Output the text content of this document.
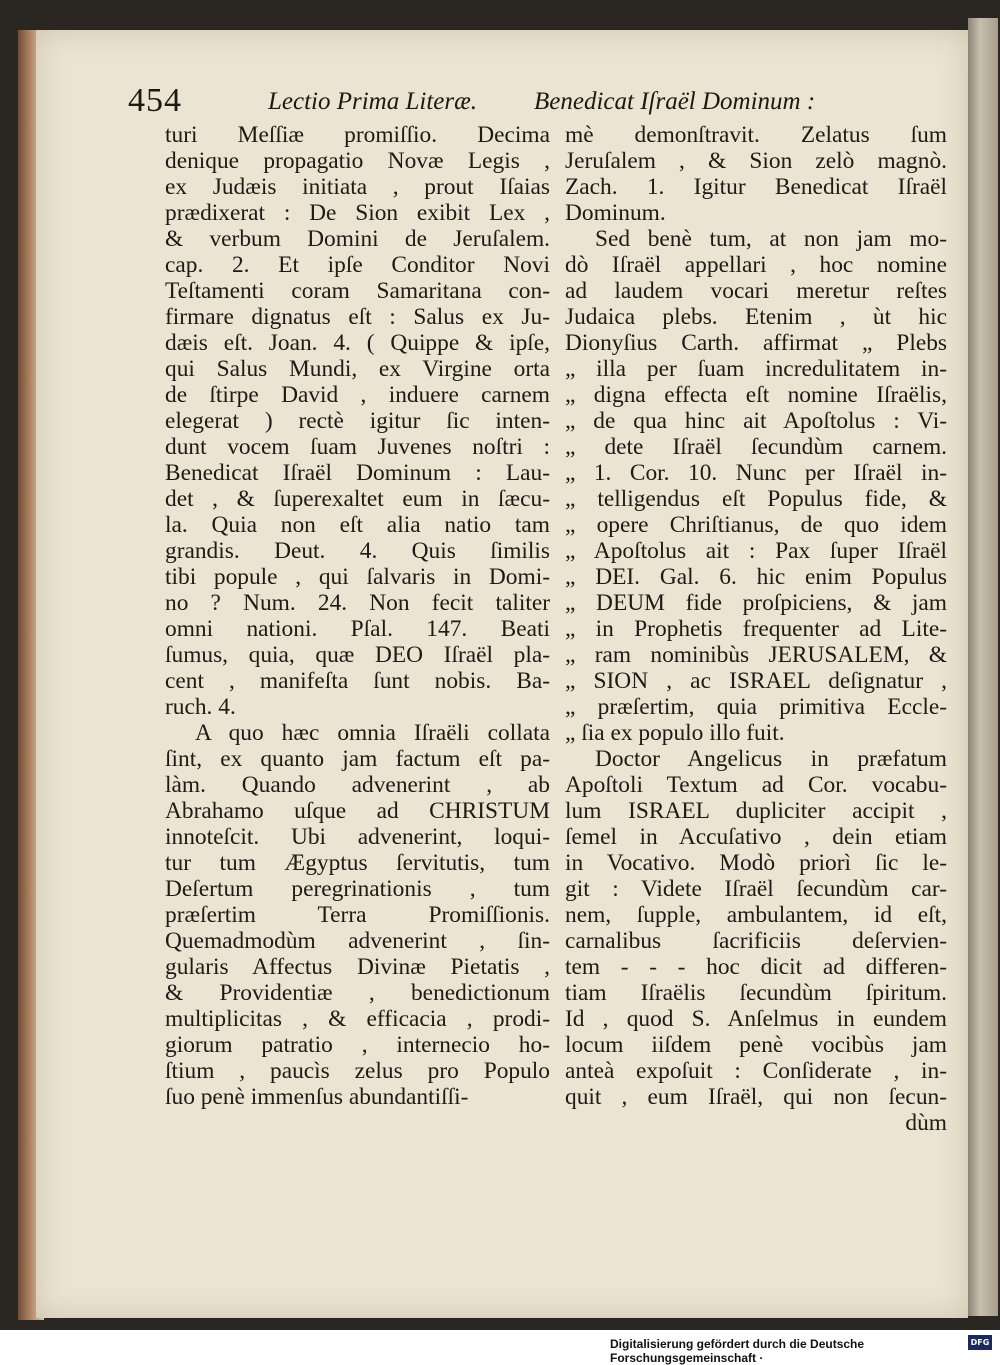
454	Lectio Prima Literæ. Benedicat Iſraël Dominum :
turi Meſſiæ promiſſio. Decima
denique propagatio Novæ Legis ,
ex Judæis initiata , prout Iſaias
prædixerat : De Sion exibit Lex ,
& verbum Domini de Jeruſalem.
cap. 2. Et ipſe Conditor Novi
Teſtamenti coram Samaritana con-
firmare dignatus eſt : Salus ex Ju-
dæis eſt. Joan. 4. ( Quippe & ipſe,
qui Salus Mundi, ex Virgine orta
de ſtirpe David , induere carnem
elegerat ) rectè igitur ſic inten-
dunt vocem ſuam Juvenes noſtri :
Benedicat Iſraël Dominum : Lau-
det , & ſuperexaltet eum in ſæcu-
la. Quia non eſt alia natio tam
grandis. Deut. 4. Quis ſimilis
tibi popule , qui ſalvaris in Domi-
no ? Num. 24. Non fecit taliter
omni nationi. Pſal. 147. Beati
ſumus, quia, quæ DEO Iſraël pla-
cent , manifeſta ſunt nobis. Ba-
ruch. 4.
A quo hæc omnia Iſraëli collata
ſint, ex quanto jam factum eſt pa-
làm. Quando advenerint , ab
Abrahamo uſque ad CHRISTUM
innoteſcit. Ubi advenerint, loqui-
tur tum Ægyptus ſervitutis, tum
Deſertum peregrinationis , tum
præſertim Terra Promiſſionis.
Quemadmodùm advenerint , ſin-
gularis Affectus Divinæ Pietatis ,
& Providentiæ , benedictionum
multiplicitas , & efficacia , prodi-
giorum patratio , internecio ho-
ſtium , paucìs zelus pro Populo
ſuo penè immenſus abundantiſſi-
mè demonſtravit. Zelatus ſum
Jeruſalem , & Sion zelò magnò.
Zach. 1. Igitur Benedicat Iſraël
Dominum.
Sed benè tum, at non jam mo-
dò Iſraël appellari , hoc nomine
ad laudem vocari meretur reſtes
Judaica plebs. Etenim , ùt hic
Dionyſius Carth. affirmat „ Plebs
„ illa per ſuam incredulitatem in-
„ digna effecta eſt nomine Iſraëlis,
„ de qua hinc ait Apoſtolus : Vi-
„ dete Iſraël ſecundùm carnem.
„ 1. Cor. 10. Nunc per Iſraël in-
„ telligendus eſt Populus fide, &
„ opere Chriſtianus, de quo idem
„ Apoſtolus ait : Pax ſuper Iſraël
„ DEI. Gal. 6. hic enim Populus
„ DEUM fide proſpiciens, & jam
„ in Prophetis frequenter ad Lite-
„ ram nominibùs JERUSALEM, &
„ SION , ac ISRAEL deſignatur ,
„ præſertim, quia primitiva Eccle-
„ ſia ex populo illo fuit.
Doctor Angelicus in præfatum
Apoſtoli Textum ad Cor. vocabu-
lum ISRAEL dupliciter accipit ,
ſemel in Accuſativo , dein etiam
in Vocativo. Modò priorì ſic le-
git : Videte Iſraël ſecundùm car-
nem, ſupple, ambulantem, id eſt,
carnalibus ſacrificiis deſervien-
tem - - - hoc dicit ad differen-
tiam Iſraëlis ſecundùm ſpiritum.
Id , quod S. Anſelmus in eundem
locum iiſdem penè vocibùs jam
anteà expoſuit : Conſiderate , in-
quit , eum Iſraël, qui non ſecun-
dùm
Digitalisierung gefördert durch die Deutsche Forschungsgemeinschaft ·
DFG
